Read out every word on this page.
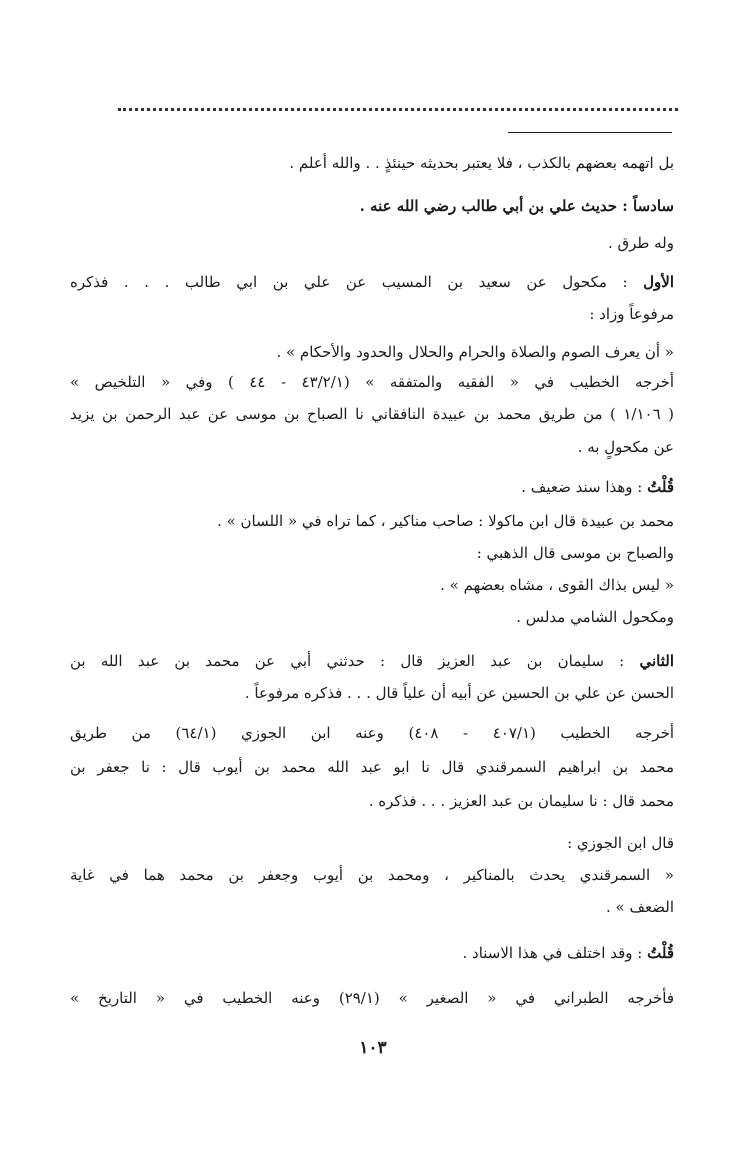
بل اتهمه بعضهم بالكذب ، فلا يعتبر بحديثه حينئذٍ . . والله أعلم .
سادساً : حديث علي بن أبي طالب رضي الله عنه .
وله طرق .
الأول : مكحول عن سعيد بن المسيب عن علي بن ابي طالب . . . فذكره
مرفوعاً وزاد :
« أن يعرف الصوم والصلاة والحرام والحلال والحدود والأحكام » .
أخرجه الخطيب في « الفقيه والمتفقه » (٤٣/٢/١ - ٤٤ ) وفي « التلخيص »
( ١/١٠٦ ) من طريق محمد بن عبيدة النافقاني نا الصباح بن موسى عن عبد الرحمن بن يزيد
عن مكحولٍ به .
قُلْتُ : وهذا سند ضعيف .
محمد بن عبيدة قال ابن ماكولا : صاحب مناكير ، كما تراه في « اللسان » .
والصباح بن موسى قال الذهبي :
« ليس بذاك القوى ، مشاه بعضهم » .
ومكحول الشامي مدلس .
الثاني : سليمان بن عبد العزيز قال : حدثني أبي عن محمد بن عبد الله بن
الحسن عن علي بن الحسين عن أبيه أن علياً قال . . . فذكره مرفوعاً .
أخرجه الخطيب (٤٠٧/١ - ٤٠٨) وعنه ابن الجوزي (٦٤/١) من طريق
محمد بن ابراهيم السمرقندي قال نا ابو عبد الله محمد بن أيوب قال : نا جعفر بن
محمد قال : نا سليمان بن عبد العزيز . . . فذكره .
قال ابن الجوزي :
« السمرقندي يحدث بالمناكير ، ومحمد بن أيوب وجعفر بن محمد هما في غاية
الضعف » .
قُلْتُ : وقد اختلف في هذا الاسناد .
فأخرجه الطبراني في « الصغير » (٢٩/١) وعنه الخطيب في « التاريخ »
١٠٣
